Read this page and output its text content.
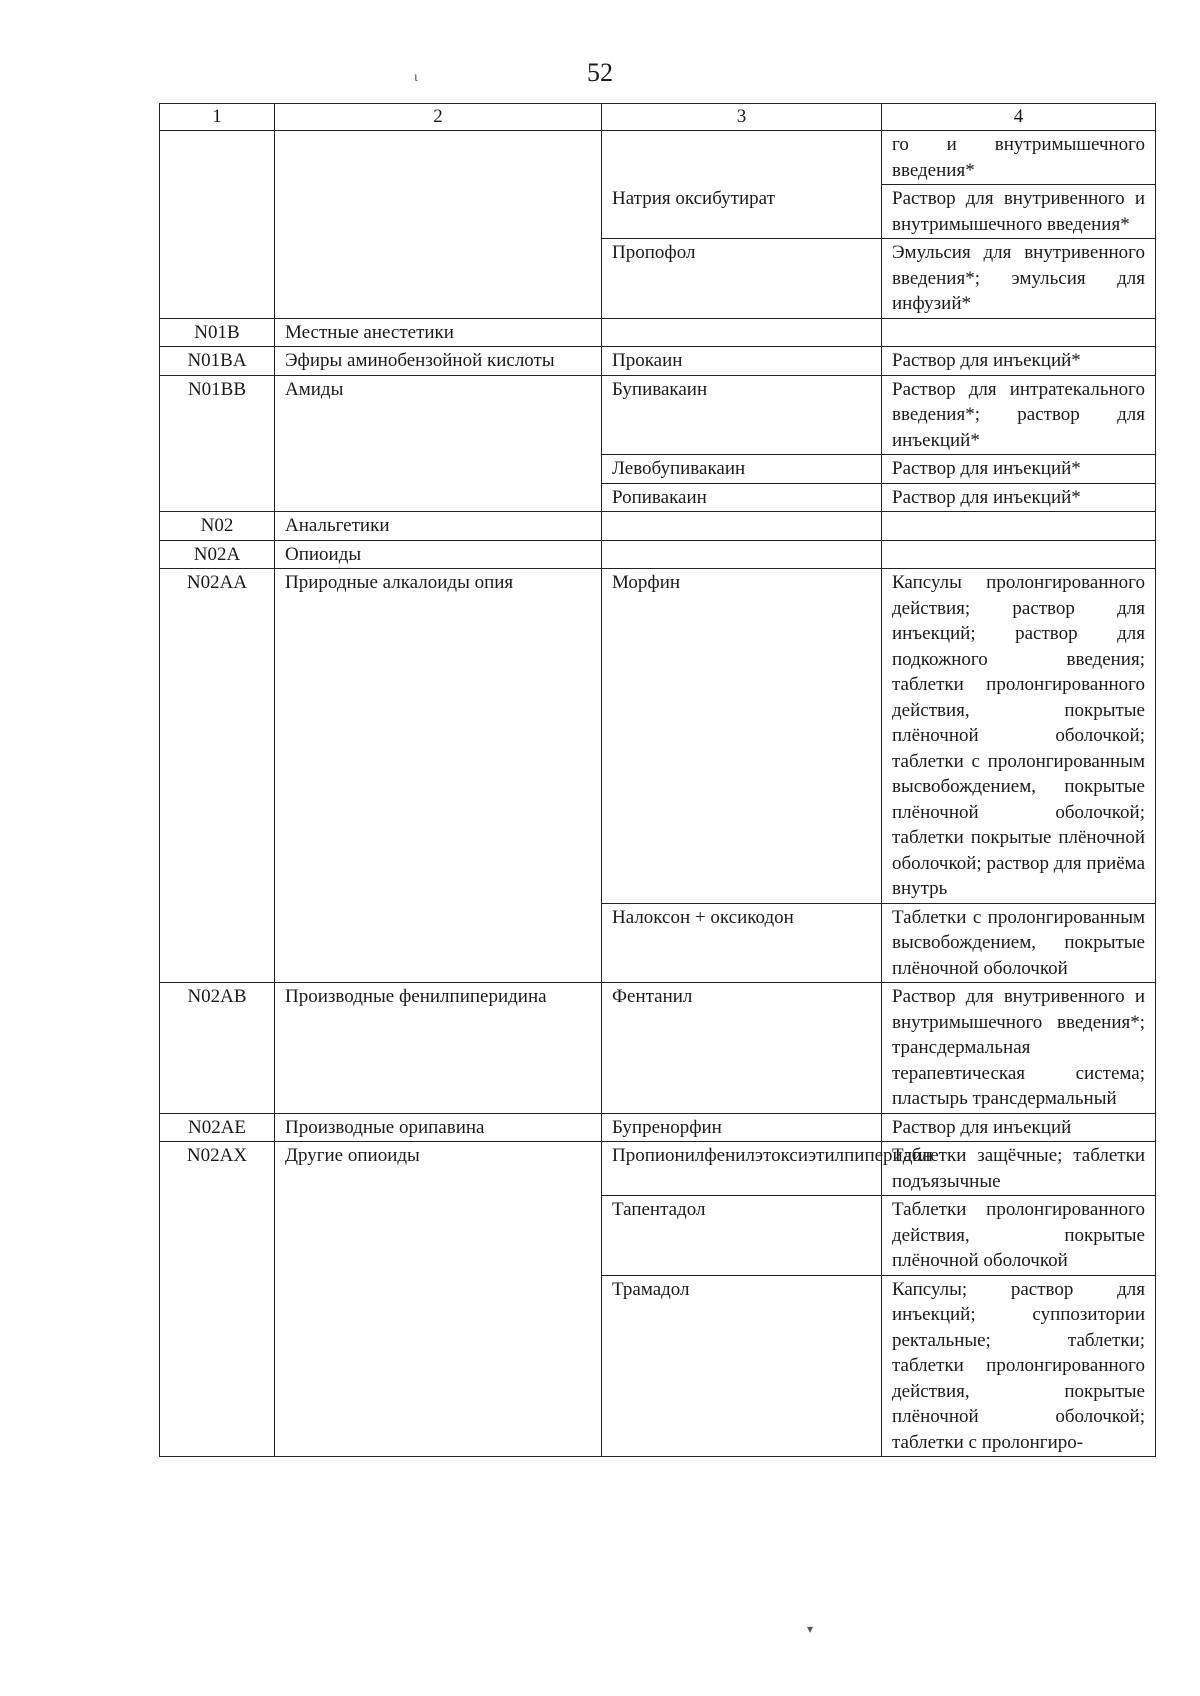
52
ι
▾
1	2	3	4
			го и внутримышечного введения*
		Натрия оксибутират	Раствор для внутривенного и внутримышечного введения*
		Пропофол	Эмульсия для внутривенного введения*; эмульсия для инфузий*
N01B	Местные анестетики		
N01BA	Эфиры аминобензойной кислоты	Прокаин	Раствор для инъекций*
N01BB	Амиды	Бупивакаин	Раствор для интратекального введения*; раствор для инъекций*
		Левобупивакаин	Раствор для инъекций*
		Ропивакаин	Раствор для инъекций*
N02	Анальгетики		
N02A	Опиоиды		
N02AA	Природные алкалоиды опия	Морфин	Капсулы пролонгированного действия; раствор для инъекций; раствор для подкожного введения; таблетки пролонгированного действия, покрытые плёночной оболочкой; таблетки с пролонгированным высвобождением, покрытые плёночной оболочкой; таблетки покрытые плёночной оболочкой; раствор для приёма внутрь
		Налоксон + оксикодон	Таблетки с пролонгированным высвобождением, покрытые плёночной оболочкой
N02AB	Производные фенилпиперидина	Фентанил	Раствор для внутривенного и внутримышечного введения*; трансдермальная терапевтическая система; пластырь трансдермальный
N02AE	Производные орипавина	Бупренорфин	Раствор для инъекций
N02AX	Другие опиоиды	Пропионилфенилэтоксиэтилпиперидин	Таблетки защёчные; таблетки подъязычные
		Тапентадол	Таблетки пролонгированного действия, покрытые плёночной оболочкой
		Трамадол	Капсулы; раствор для инъекций; суппозитории ректальные; таблетки; таблетки пролонгированного действия, покрытые плёночной оболочкой; таблетки с пролонгиро-
